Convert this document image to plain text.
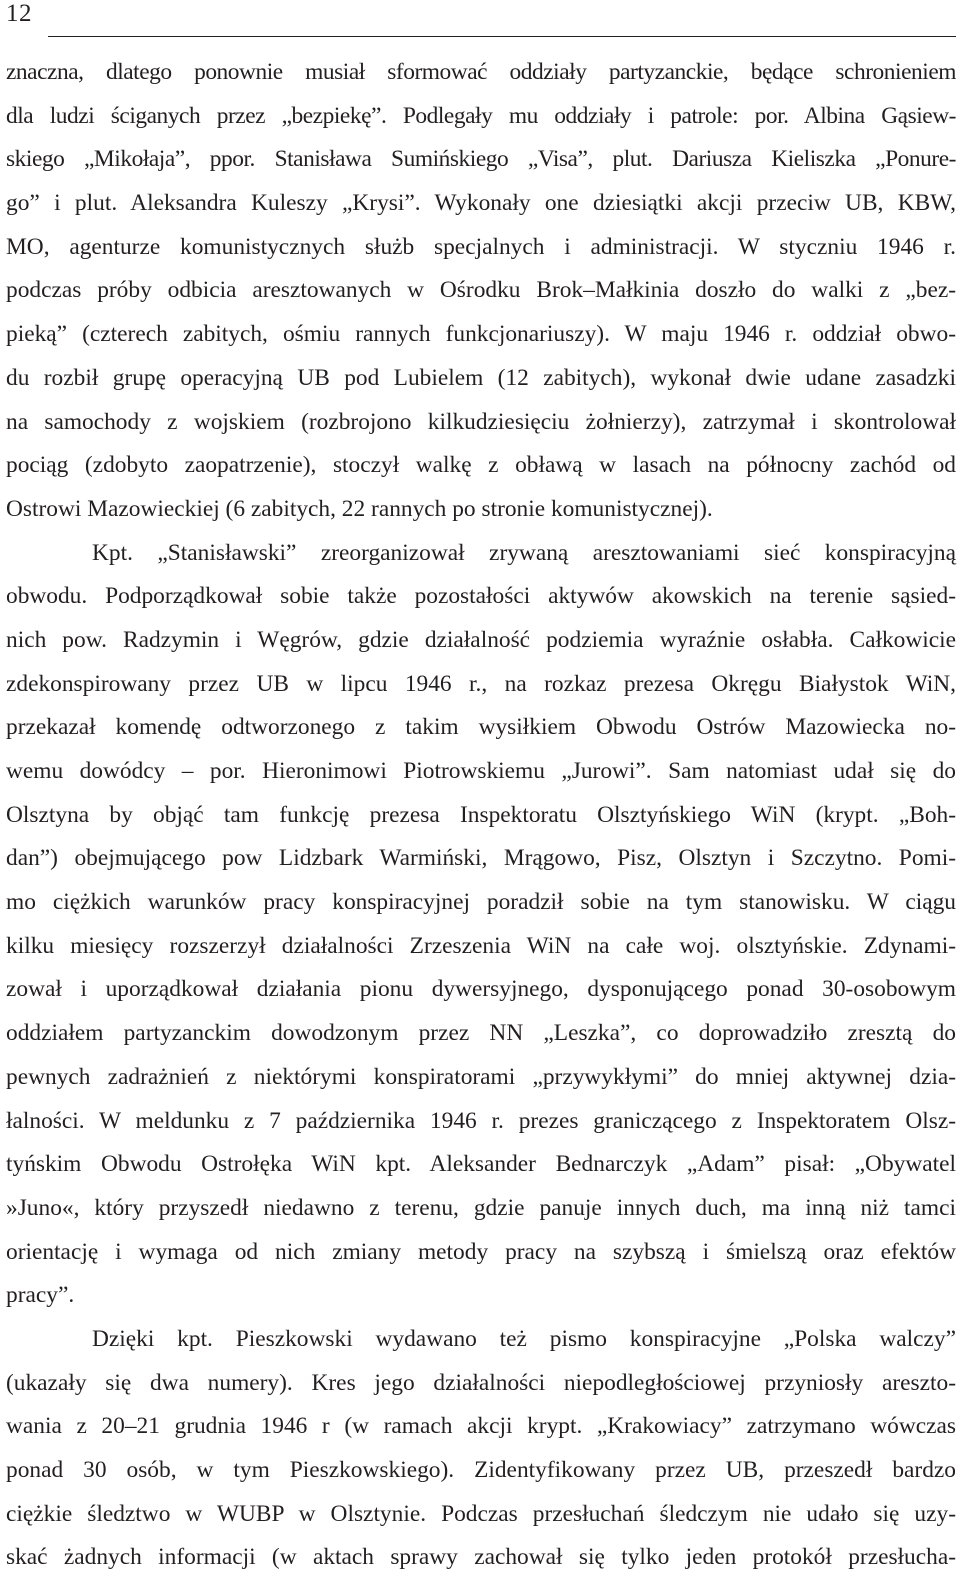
12
znaczna, dlatego ponownie musiał sformować oddziały partyzanckie, będące schronieniem
dla ludzi ściganych przez „bezpiekę”. Podlegały mu oddziały i patrole: por. Albina Gąsiew-
skiego „Mikołaja”, ppor. Stanisława Sumińskiego „Visa”, plut. Dariusza Kieliszka „Ponure-
go” i plut. Aleksandra Kuleszy „Krysi”. Wykonały one dziesiątki akcji przeciw UB, KBW,
MO, agenturze komunistycznych służb specjalnych i administracji. W styczniu 1946 r.
podczas próby odbicia aresztowanych w Ośrodku Brok–Małkinia doszło do walki z „bez-
pieką” (czterech zabitych, ośmiu rannych funkcjonariuszy). W maju 1946 r. oddział obwo-
du rozbił grupę operacyjną UB pod Lubielem (12 zabitych), wykonał dwie udane zasadzki
na samochody z wojskiem (rozbrojono kilkudziesięciu żołnierzy), zatrzymał i skontrolował
pociąg (zdobyto zaopatrzenie), stoczył walkę z obławą w lasach na północny zachód od
Ostrowi Mazowieckiej (6 zabitych, 22 rannych po stronie komunistycznej).
Kpt. „Stanisławski” zreorganizował zrywaną aresztowaniami sieć konspiracyjną
obwodu. Podporządkował sobie także pozostałości aktywów akowskich na terenie sąsied-
nich pow. Radzymin i Węgrów, gdzie działalność podziemia wyraźnie osłabła. Całkowicie
zdekonspirowany przez UB w lipcu 1946 r., na rozkaz prezesa Okręgu Białystok WiN,
przekazał komendę odtworzonego z takim wysiłkiem Obwodu Ostrów Mazowiecka no-
wemu dowódcy – por. Hieronimowi Piotrowskiemu „Jurowi”. Sam natomiast udał się do
Olsztyna by objąć tam funkcję prezesa Inspektoratu Olsztyńskiego WiN (krypt. „Boh-
dan”) obejmującego pow Lidzbark Warmiński, Mrągowo, Pisz, Olsztyn i Szczytno. Pomi-
mo ciężkich warunków pracy konspiracyjnej poradził sobie na tym stanowisku. W ciągu
kilku miesięcy rozszerzył działalności Zrzeszenia WiN na całe woj. olsztyńskie. Zdynami-
zował i uporządkował działania pionu dywersyjnego, dysponującego ponad 30-osobowym
oddziałem partyzanckim dowodzonym przez NN „Leszka”, co doprowadziło zresztą do
pewnych zadrażnień z niektórymi konspiratorami „przywykłymi” do mniej aktywnej dzia-
łalności. W meldunku z 7 października 1946 r. prezes graniczącego z Inspektoratem Olsz-
tyńskim Obwodu Ostrołęka WiN kpt. Aleksander Bednarczyk „Adam” pisał: „Obywatel
»Juno«, który przyszedł niedawno z terenu, gdzie panuje innych duch, ma inną niż tamci
orientację i wymaga od nich zmiany metody pracy na szybszą i śmielszą oraz efektów
pracy”.
Dzięki kpt. Pieszkowski wydawano też pismo konspiracyjne „Polska walczy”
(ukazały się dwa numery). Kres jego działalności niepodległościowej przyniosły areszto-
wania z 20–21 grudnia 1946 r (w ramach akcji krypt. „Krakowiacy” zatrzymano wówczas
ponad 30 osób, w tym Pieszkowskiego). Zidentyfikowany przez UB, przeszedł bardzo
ciężkie śledztwo w WUBP w Olsztynie. Podczas przesłuchań śledczym nie udało się uzy-
skać żadnych informacji (w aktach sprawy zachował się tylko jeden protokół przesłucha-
